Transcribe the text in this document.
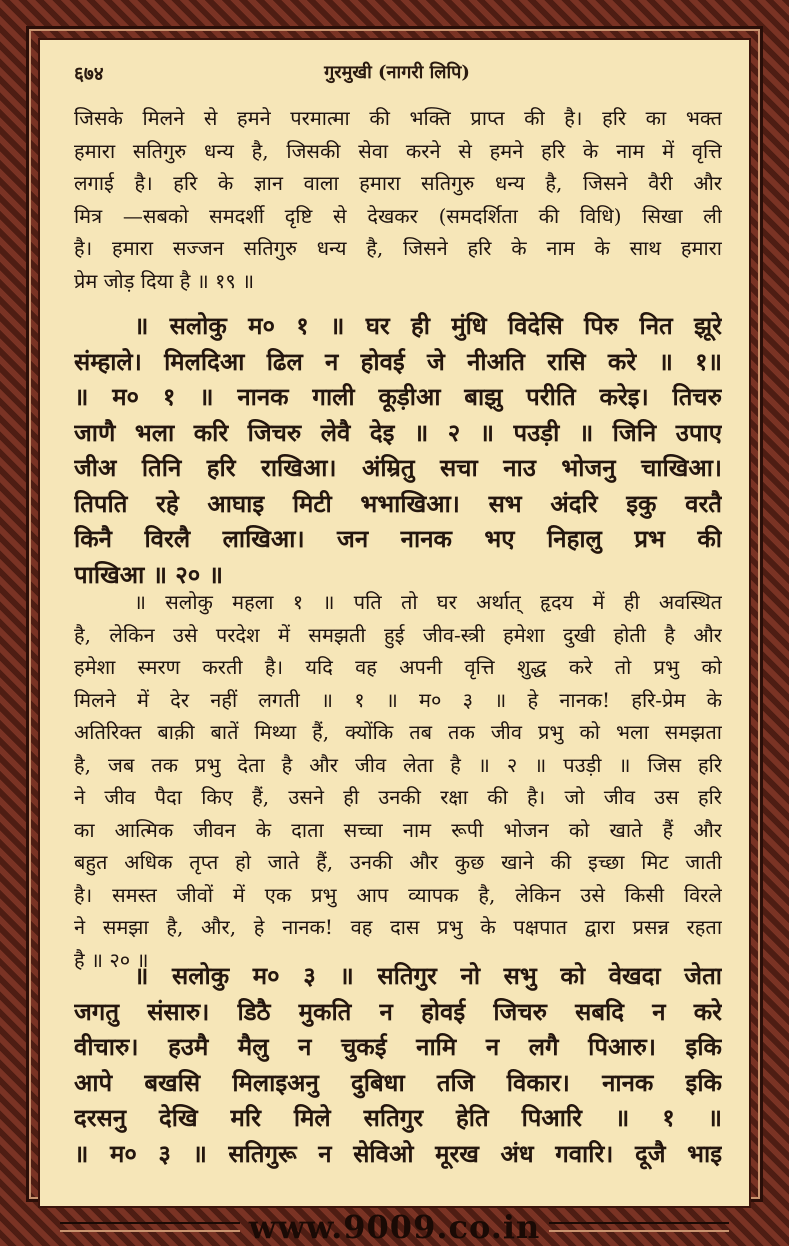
६७४	गुरमुखी (नागरी लिपि)
जिसके मिलने से हमने परमात्मा की भक्ति प्राप्त की है। हरि का भक्त
हमारा सतिगुरु धन्य है, जिसकी सेवा करने से हमने हरि के नाम में वृत्ति
लगाई है। हरि के ज्ञान वाला हमारा सतिगुरु धन्य है, जिसने वैरी और
मित्र —सबको समदर्शी दृष्टि से देखकर (समदर्शिता की विधि) सिखा ली
है। हमारा सज्जन सतिगुरु धन्य है, जिसने हरि के नाम के साथ हमारा
प्रेम जोड़ दिया है ॥ १९ ॥
॥ सलोकु म० १ ॥ घर ही मुंधि विदेसि पिरु नित झूरे
संम्हाले। मिलदिआ ढिल न होवई जे नीअति रासि करे ॥ १॥
॥ म० १ ॥ नानक गाली कूड़ीआ बाझु परीति करेइ। तिचरु
जाणै भला करि जिचरु लेवै देइ ॥ २ ॥ पउड़ी ॥ जिनि उपाए
जीअ तिनि हरि राखिआ। अंम्रितु सचा नाउ भोजनु चाखिआ।
तिपति रहे आघाइ मिटी भभाखिआ। सभ अंदरि इकु वरतै
किनै विरलै लाखिआ। जन नानक भए निहालु प्रभ की
पाखिआ ॥ २० ॥
॥ सलोकु महला १ ॥ पति तो घर अर्थात् हृदय में ही अवस्थित
है, लेकिन उसे परदेश में समझती हुई जीव-स्त्री हमेशा दुखी होती है और
हमेशा स्मरण करती है। यदि वह अपनी वृत्ति शुद्ध करे तो प्रभु को
मिलने में देर नहीं लगती ॥ १ ॥ म० ३ ॥ हे नानक! हरि-प्रेम के
अतिरिक्त बाक़ी बातें मिथ्या हैं, क्योंकि तब तक जीव प्रभु को भला समझता
है, जब तक प्रभु देता है और जीव लेता है ॥ २ ॥ पउड़ी ॥ जिस हरि
ने जीव पैदा किए हैं, उसने ही उनकी रक्षा की है। जो जीव उस हरि
का आत्मिक जीवन के दाता सच्चा नाम रूपी भोजन को खाते हैं और
बहुत अधिक तृप्त हो जाते हैं, उनकी और कुछ खाने की इच्छा मिट जाती
है। समस्त जीवों में एक प्रभु आप व्यापक है, लेकिन उसे किसी विरले
ने समझा है, और, हे नानक! वह दास प्रभु के पक्षपात द्वारा प्रसन्न रहता
है ॥ २० ॥
॥ सलोकु म० ३ ॥ सतिगुर नो सभु को वेखदा जेता
जगतु संसारु। डिठै मुकति न होवई जिचरु सबदि न करे
वीचारु। हउमै मैलु न चुकई नामि न लगै पिआरु। इकि
आपे बखसि मिलाइअनु दुबिधा तजि विकार। नानक इकि
दरसनु देखि मरि मिले सतिगुर हेति पिआरि ॥ १ ॥
॥ म० ३ ॥ सतिगुरू न सेविओ मूरख अंध गवारि। दूजै भाइ
www.9009.co.in
